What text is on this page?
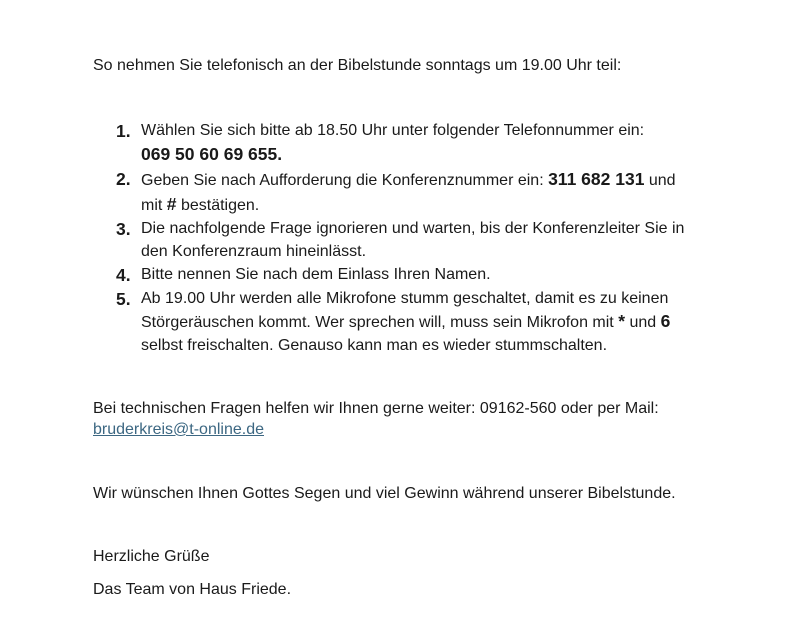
So nehmen Sie telefonisch an der Bibelstunde sonntags um 19.00 Uhr teil:

1. Wählen Sie sich bitte ab 18.50 Uhr unter folgender Telefonnummer ein:
069 50 60 69 655.
2. Geben Sie nach Aufforderung die Konferenznummer ein: 311 682 131 und
mit # bestätigen.
3. Die nachfolgende Frage ignorieren und warten, bis der Konferenzleiter Sie in
den Konferenzraum hineinlässt.
4. Bitte nennen Sie nach dem Einlass Ihren Namen.
5. Ab 19.00 Uhr werden alle Mikrofone stumm geschaltet, damit es zu keinen
Störgeräuschen kommt. Wer sprechen will, muss sein Mikrofon mit * und 6
selbst freischalten. Genauso kann man es wieder stummschalten.

Bei technischen Fragen helfen wir Ihnen gerne weiter: 09162-560 oder per Mail:
bruderkreis@t-online.de

Wir wünschen Ihnen Gottes Segen und viel Gewinn während unserer Bibelstunde.

Herzliche Grüße

Das Team von Haus Friede.
